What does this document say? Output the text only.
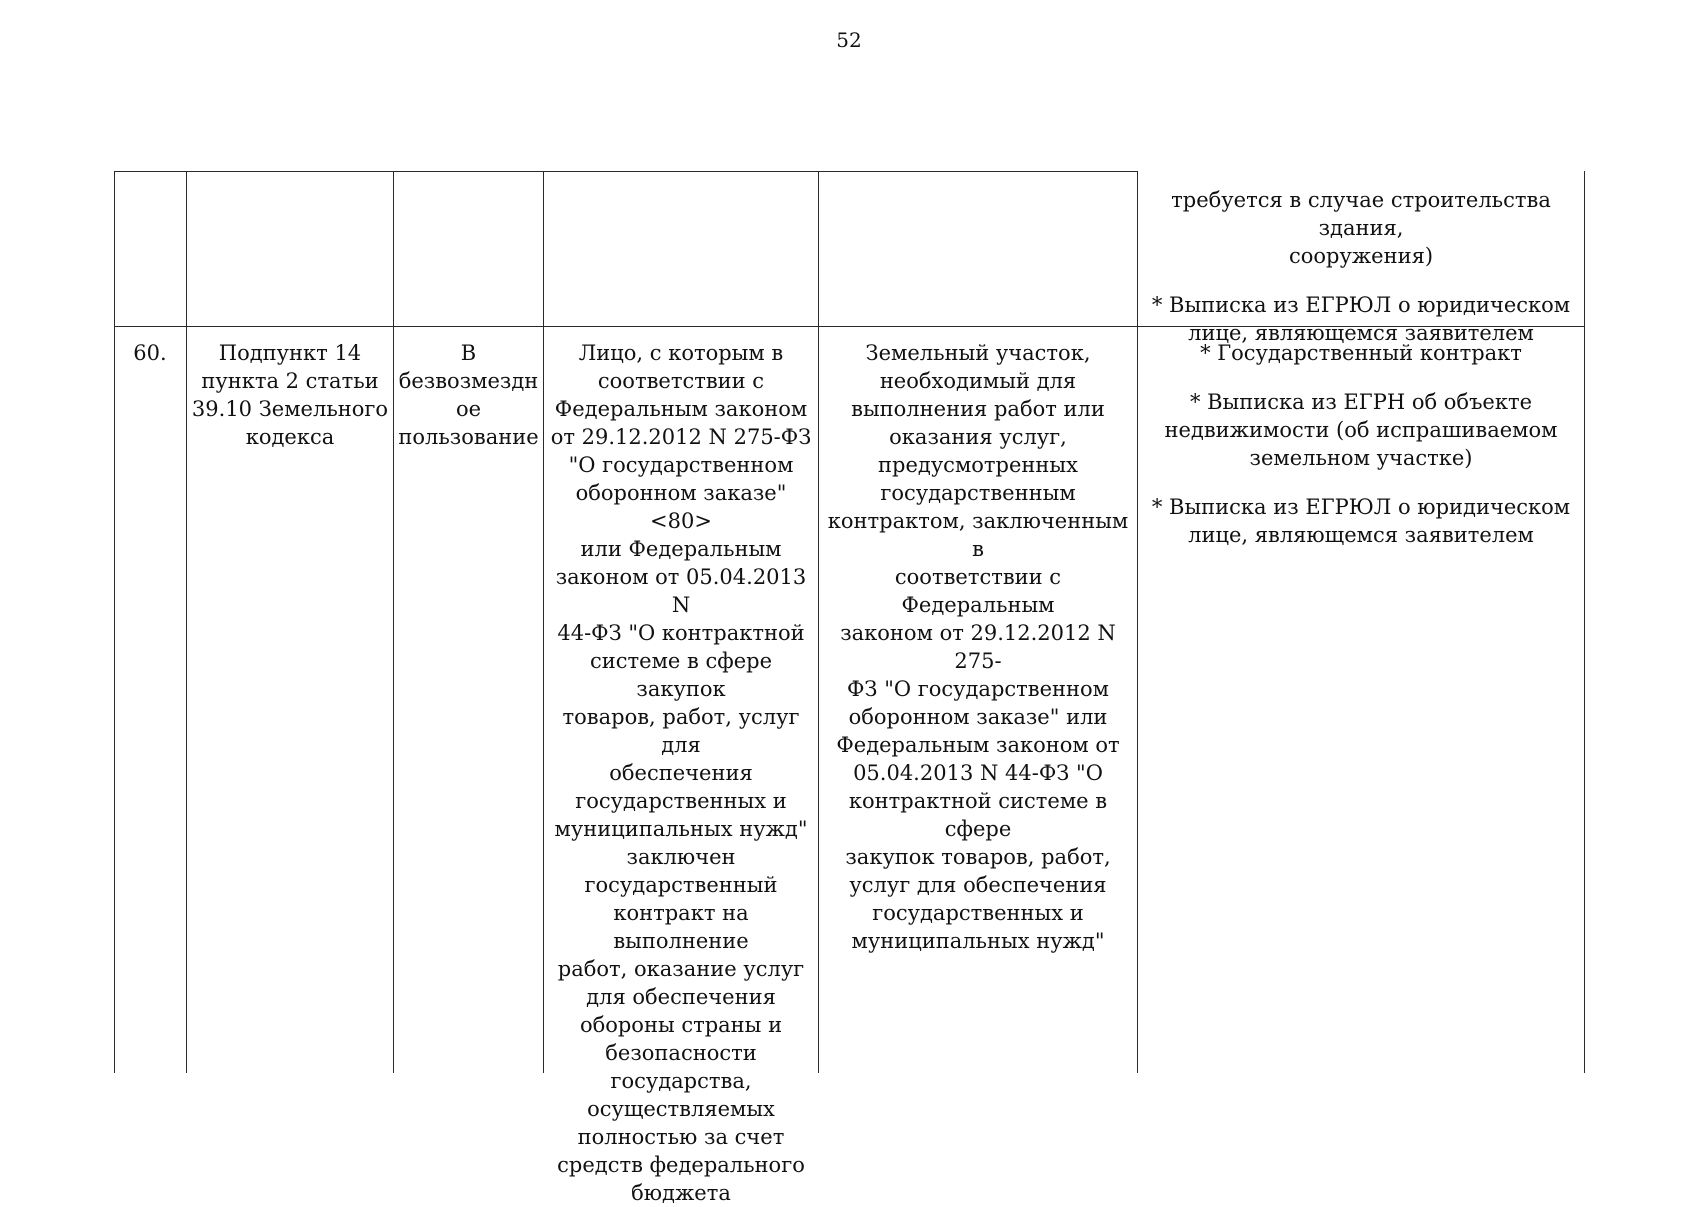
52

требуется в случае строительства здания,
сооружения)

* Выписка из ЕГРЮЛ о юридическом
лице, являющемся заявителем

60.	Подпункт 14
пункта 2 статьи
39.10 Земельного
кодекса
В
безвозмездн
ое
пользование
Лицо, с которым в
соответствии с
Федеральным законом
от 29.12.2012 N 275-ФЗ
"О государственном
оборонном заказе" <80>
или Федеральным
законом от 05.04.2013 N
44-ФЗ "О контрактной
системе в сфере закупок
товаров, работ, услуг для
обеспечения
государственных и
муниципальных нужд"
заключен
государственный
контракт на выполнение
работ, оказание услуг
для обеспечения
обороны страны и
безопасности
государства,
осуществляемых
полностью за счет
средств федерального
бюджета
Земельный участок,
необходимый для
выполнения работ или
оказания услуг,
предусмотренных
государственным
контрактом, заключенным в
соответствии с Федеральным
законом от 29.12.2012 N 275-
ФЗ "О государственном
оборонном заказе" или
Федеральным законом от
05.04.2013 N 44-ФЗ "О
контрактной системе в сфере
закупок товаров, работ,
услуг для обеспечения
государственных и
муниципальных нужд"

* Государственный контракт

* Выписка из ЕГРН об объекте
недвижимости (об испрашиваемом
земельном участке)

* Выписка из ЕГРЮЛ о юридическом
лице, являющемся заявителем
